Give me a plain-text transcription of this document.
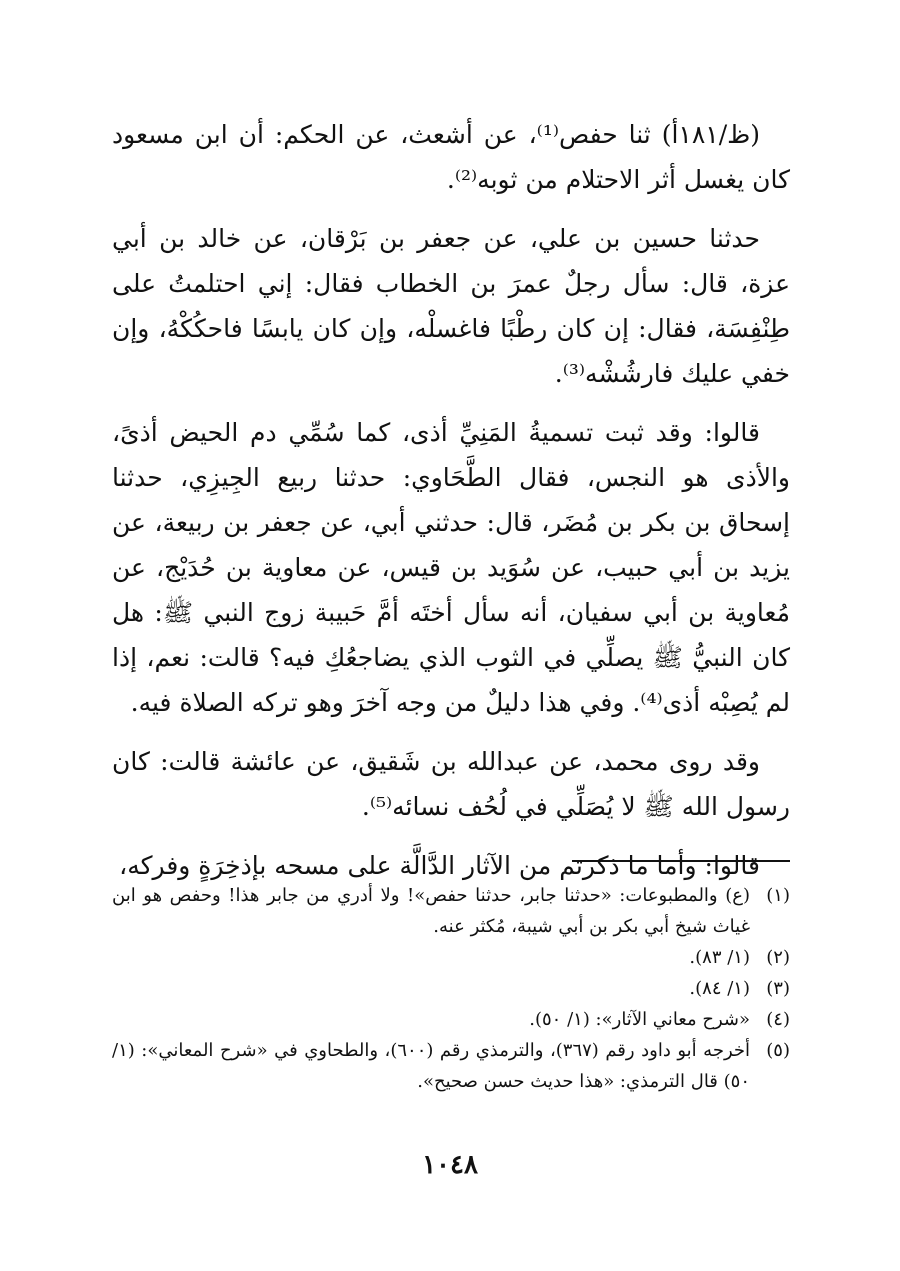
(ظ/١٨١أ) ثنا حفص⁽¹⁾، عن أشعث، عن الحكم: أن ابن مسعود كان يغسل أثر الاحتلام من ثوبه⁽²⁾.

حدثنا حسين بن علي، عن جعفر بن بَرْقان، عن خالد بن أبي عزة، قال: سأل رجلٌ عمرَ بن الخطاب فقال: إني احتلمتُ على طِنْفِسَة، فقال: إن كان رطْبًا فاغسلْه، وإن كان يابسًا فاحكُكْهُ، وإن خفي عليك فارشُشْه⁽³⁾.

قالوا: وقد ثبت تسميةُ المَنِيِّ أذى، كما سُمِّي دم الحيض أذىً، والأذى هو النجس، فقال الطَّحَاوي: حدثنا ربيع الجِيزِي، حدثنا إسحاق بن بكر بن مُضَر، قال: حدثني أبي، عن جعفر بن ربيعة، عن يزيد بن أبي حبيب، عن سُوَيد بن قيس، عن معاوية بن حُدَيْج، عن مُعاوية بن أبي سفيان، أنه سأل أختَه أمَّ حَبيبة زوج النبي ﷺ: هل كان النبيُّ ﷺ يصلِّي في الثوب الذي يضاجعُكِ فيه؟ قالت: نعم، إذا لم يُصِبْه أذى⁽⁴⁾. وفي هذا دليلٌ من وجه آخرَ وهو تركه الصلاة فيه.

وقد روى محمد، عن عبدالله بن شَقيق، عن عائشة قالت: كان رسول الله ﷺ لا يُصَلِّي في لُحُف نسائه⁽⁵⁾.

قالوا: وأما ما ذكرتم من الآثار الدَّالَّة على مسحه بإذخِرَةٍ وفركه،

(١)
(ع) والمطبوعات: «حدثنا جابر، حدثنا حفص»! ولا أدري من جابر هذا! وحفص هو ابن غياث شيخ أبي بكر بن أبي شيبة، مُكثر عنه.
(٢)
(١/ ٨٣).
(٣)
(١/ ٨٤).
(٤)
«شرح معاني الآثار»: (١/ ٥٠).
(٥)
أخرجه أبو داود رقم (٣٦٧)، والترمذي رقم (٦٠٠)، والطحاوي في «شرح المعاني»: (١/ ٥٠) قال الترمذي: «هذا حديث حسن صحيح».
١٠٤٨
